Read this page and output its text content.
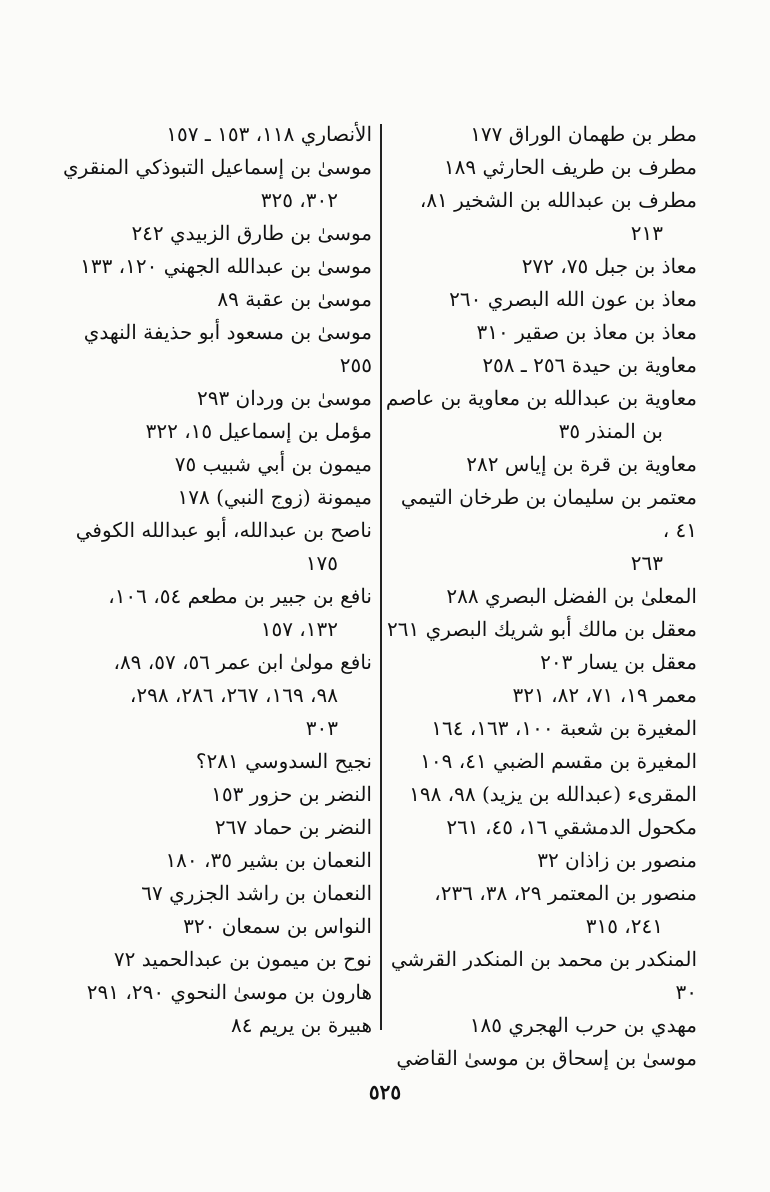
مطر بن طهمان الوراق ١٧٧
مطرف بن طريف الحارثي ١٨٩
مطرف بن عبدالله بن الشخير ٨١،
٢١٣
معاذ بن جبل ٧٥، ٢٧٢
معاذ بن عون الله البصري ٢٦٠
معاذ بن معاذ بن صقير ٣١٠
معاوية بن حيدة ٢٥٦ ـ ٢٥٨
معاوية بن عبدالله بن معاوية بن عاصم
بن المنذر ٣٥
معاوية بن قرة بن إياس ٢٨٢
معتمر بن سليمان بن طرخان التيمي ٤١ ،
٢٦٣
المعلىٰ بن الفضل البصري ٢٨٨
معقل بن مالك أبو شريك البصري ٢٦١
معقل بن يسار ٢٠٣
معمر ١٩، ٧١، ٨٢، ٣٢١
المغيرة بن شعبة ١٠٠، ١٦٣، ١٦٤
المغيرة بن مقسم الضبي ٤١، ١٠٩
المقرىء (عبدالله بن يزيد) ٩٨، ١٩٨
مكحول الدمشقي ١٦، ٤٥، ٢٦١
منصور بن زاذان ٣٢
منصور بن المعتمر ٢٩، ٣٨، ٢٣٦،
٢٤١، ٣١٥
المنكدر بن محمد بن المنكدر القرشي ٣٠
مهدي بن حرب الهجري ١٨٥
موسىٰ بن إسحاق بن موسىٰ القاضي
الأنصاري ١١٨، ١٥٣ ـ ١٥٧
موسىٰ بن إسماعيل التبوذكي المنقري
٣٠٢، ٣٢٥
موسىٰ بن طارق الزبيدي ٢٤٢
موسىٰ بن عبدالله الجهني ١٢٠، ١٣٣
موسىٰ بن عقبة ٨٩
موسىٰ بن مسعود أبو حذيفة النهدي ٢٥٥
موسىٰ بن وردان ٢٩٣
مؤمل بن إسماعيل ١٥، ٣٢٢
ميمون بن أبي شبيب ٧٥
ميمونة (زوج النبي) ١٧٨
ناصح بن عبدالله، أبو عبدالله الكوفي
١٧٥
نافع بن جبير بن مطعم ٥٤، ١٠٦،
١٣٢، ١٥٧
نافع مولىٰ ابن عمر ٥٦، ٥٧، ٨٩،
٩٨، ١٦٩، ٢٦٧، ٢٨٦، ٢٩٨،
٣٠٣
نجيح السدوسي ٢٨١؟
النضر بن حزور ١٥٣
النضر بن حماد ٢٦٧
النعمان بن بشير ٣٥، ١٨٠
النعمان بن راشد الجزري ٦٧
النواس بن سمعان ٣٢٠
نوح بن ميمون بن عبدالحميد ٧٢
هارون بن موسىٰ النحوي ٢٩٠، ٢٩١
هبيرة بن يريم ٨٤
٥٢٥
